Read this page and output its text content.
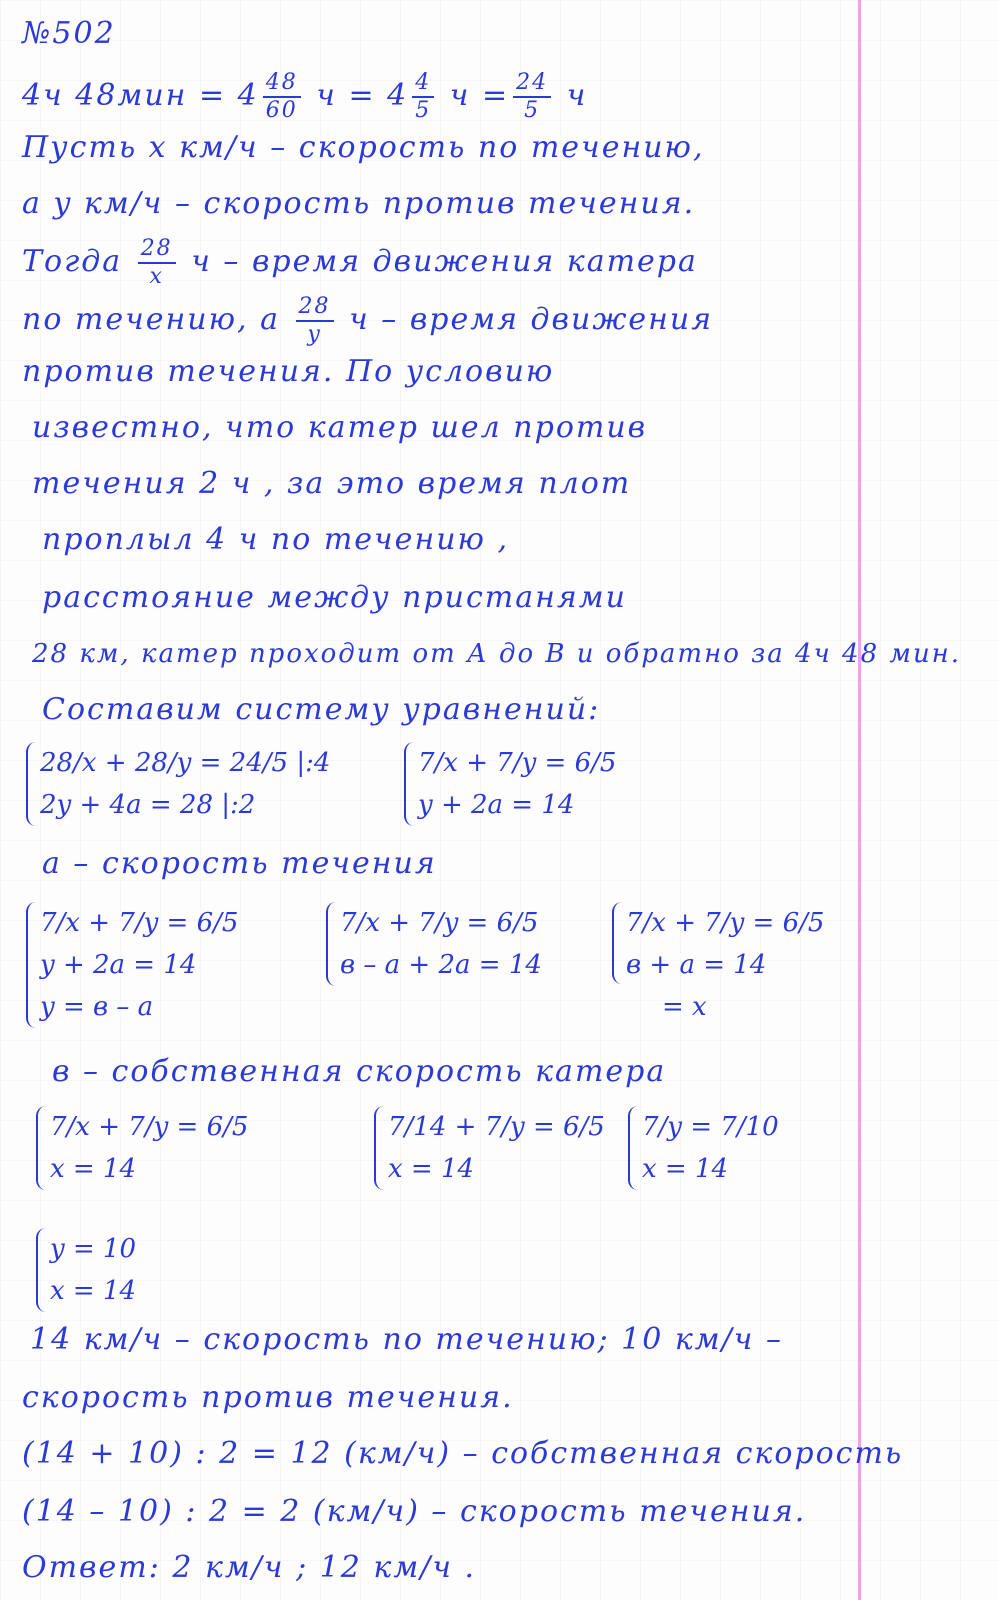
№502
4ч $48мин = 4 \frac{48}{60}$ $ч = 4 \frac{4}{5}$ $ч = \frac{24}{5}$ ч
Пусть x км/ч – скорость по течению,
а y км/ч – скорость против течения.
Тогда $\frac{28}{x}$ ч – время движения катера
по течению, а $\frac{28}{y}$ ч – время движения
против течения. По условию
известно, что катер шел против
течения 2 ч , за это время плот
проплыл 4 ч по течению ,
расстояние между пристанями
28 км, катер проходит от А до В и обратно за 4ч 48 мин.
Составим систему уравнений:
28/x + 28/y = 24/5 |:4
2y + 4a = 28 |:2
7/x + 7/y = 6/5
y + 2a = 14
а – скорость течения
7/x + 7/y = 6/5
y + 2a = 14
y = в – а
7/x + 7/y = 6/5
в – а + 2а = 14
7/x + 7/y = 6/5
в + а = 14
= x
в – собственная скорость катера
7/x + 7/y = 6/5
x = 14
7/14 + 7/y = 6/5
x = 14
7/y = 7/10
x = 14
y = 10
x = 14
14 км/ч – скорость по течению; 10 км/ч –
скорость против течения.
(14 + 10) : 2 = 12 (км/ч) – собственная скорость
(14 – 10) : 2 = 2 (км/ч) – скорость течения.
Ответ: 2 км/ч ; 12 км/ч .
